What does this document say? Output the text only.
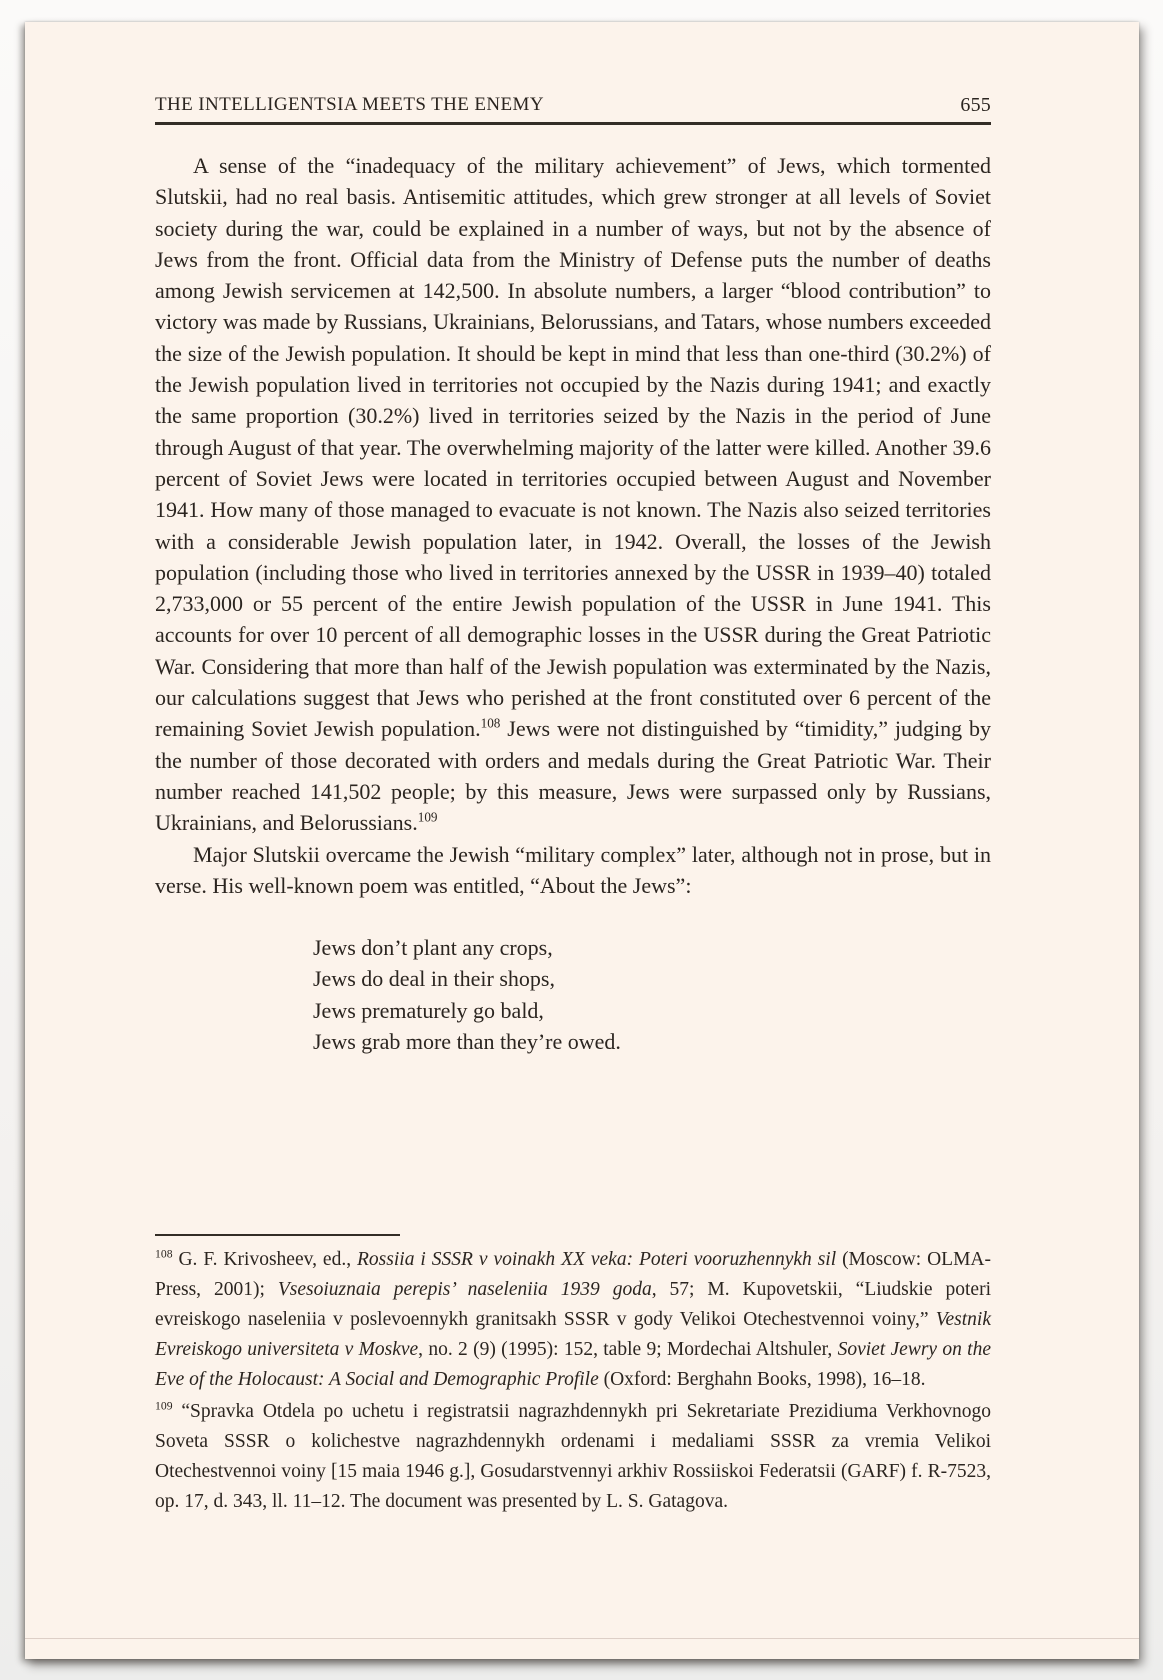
THE INTELLIGENTSIA MEETS THE ENEMY	655

A sense of the “inadequacy of the military achievement” of Jews, which tormented Slutskii, had no real basis. Antisemitic attitudes, which grew stronger at all levels of Soviet society during the war, could be explained in a number of ways, but not by the absence of Jews from the front. Official data from the Ministry of Defense puts the number of deaths among Jewish servicemen at 142,500. In absolute numbers, a larger “blood contribution” to victory was made by Russians, Ukrainians, Belorussians, and Tatars, whose numbers exceeded the size of the Jewish population. It should be kept in mind that less than one-third (30.2%) of the Jewish population lived in territories not occupied by the Nazis during 1941; and exactly the same proportion (30.2%) lived in territories seized by the Nazis in the period of June through August of that year. The overwhelming majority of the latter were killed. Another 39.6 percent of Soviet Jews were located in territories occupied between August and November 1941. How many of those managed to evacuate is not known. The Nazis also seized territories with a considerable Jewish population later, in 1942. Overall, the losses of the Jewish population (including those who lived in territories annexed by the USSR in 1939–40) totaled 2,733,000 or 55 percent of the entire Jewish population of the USSR in June 1941. This accounts for over 10 percent of all demographic losses in the USSR during the Great Patriotic War. Considering that more than half of the Jewish population was exterminated by the Nazis, our calculations suggest that Jews who perished at the front constituted over 6 percent of the remaining Soviet Jewish population.$^{108}$ Jews were not distinguished by “timidity,” judging by the number of those decorated with orders and medals during the Great Patriotic War. Their number reached 141,502 people; by this measure, Jews were surpassed only by Russians, Ukrainians, and Belorussians.$^{109}$

Major Slutskii overcame the Jewish “military complex” later, although not in prose, but in verse. His well-known poem was entitled, “About the Jews”:

Jews don’t plant any crops,
Jews do deal in their shops,
Jews prematurely go bald,
Jews grab more than they’re owed.

$^{108}$ G. F. Krivosheev, ed., Rossiia i SSSR v voinakh XX veka: Poteri vooruzhennykh sil (Moscow: OLMA-Press, 2001); Vsesoiuznaia perepis’ naseleniia 1939 goda, 57; M. Kupovetskii, “Liudskie poteri evreiskogo naseleniia v poslevoennykh granitsakh SSSR v gody Velikoi Otechestvennoi voiny,” Vestnik Evreiskogo universiteta v Moskve, no. 2 (9) (1995): 152, table 9; Mordechai Altshuler, Soviet Jewry on the Eve of the Holocaust: A Social and Demographic Profile (Oxford: Berghahn Books, 1998), 16–18.

$^{109}$ “Spravka Otdela po uchetu i registratsii nagrazhdennykh pri Sekretariate Prezidiuma Verkhovnogo Soveta SSSR o kolichestve nagrazhdennykh ordenami i medaliami SSSR za vremia Velikoi Otechestvennoi voiny [15 maia 1946 g.], Gosudarstvennyi arkhiv Rossiiskoi Federatsii (GARF) f. R-7523, op. 17, d. 343, ll. 11–12. The document was presented by L. S. Gatagova.
